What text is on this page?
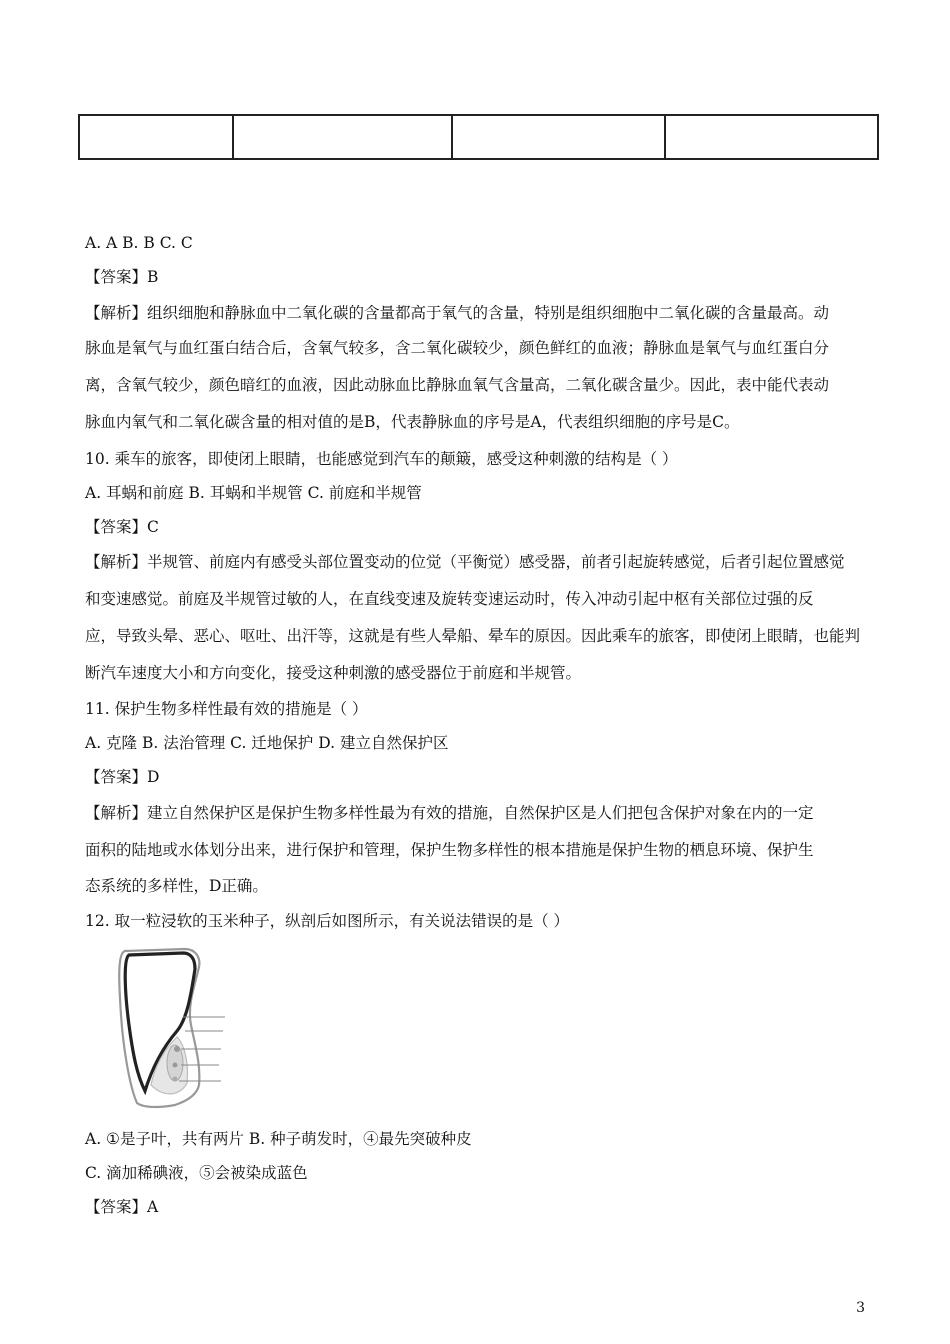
A. A B. B C. C
【答案】B
【解析】组织细胞和静脉血中二氧化碳的含量都高于氧气的含量，特别是组织细胞中二氧化碳的含量最高。动
脉血是氧气与血红蛋白结合后，含氧气较多，含二氧化碳较少，颜色鲜红的血液；静脉血是氧气与血红蛋白分
离，含氧气较少，颜色暗红的血液，因此动脉血比静脉血氧气含量高，二氧化碳含量少。因此，表中能代表动
脉血内氧气和二氧化碳含量的相对值的是B，代表静脉血的序号是A，代表组织细胞的序号是C。
10. 乘车的旅客，即使闭上眼睛，也能感觉到汽车的颠簸，感受这种刺激的结构是（ ）
A. 耳蜗和前庭 B. 耳蜗和半规管 C. 前庭和半规管
【答案】C
【解析】半规管、前庭内有感受头部位置变动的位觉（平衡觉）感受器，前者引起旋转感觉，后者引起位置感觉
和变速感觉。前庭及半规管过敏的人，在直线变速及旋转变速运动时，传入冲动引起中枢有关部位过强的反
应，导致头晕、恶心、呕吐、出汗等，这就是有些人晕船、晕车的原因。因此乘车的旅客，即使闭上眼睛，也能判
断汽车速度大小和方向变化，接受这种刺激的感受器位于前庭和半规管。
11. 保护生物多样性最有效的措施是（ ）
A. 克隆 B. 法治管理 C. 迁地保护 D. 建立自然保护区
【答案】D
【解析】建立自然保护区是保护生物多样性最为有效的措施，自然保护区是人们把包含保护对象在内的一定
面积的陆地或水体划分出来，进行保护和管理，保护生物多样性的根本措施是保护生物的栖息环境、保护生
态系统的多样性，D正确。
12. 取一粒浸软的玉米种子，纵剖后如图所示，有关说法错误的是（ ）
A. ①是子叶，共有两片 B. 种子萌发时，④最先突破种皮
C. 滴加稀碘液，⑤会被染成蓝色
【答案】A
3
